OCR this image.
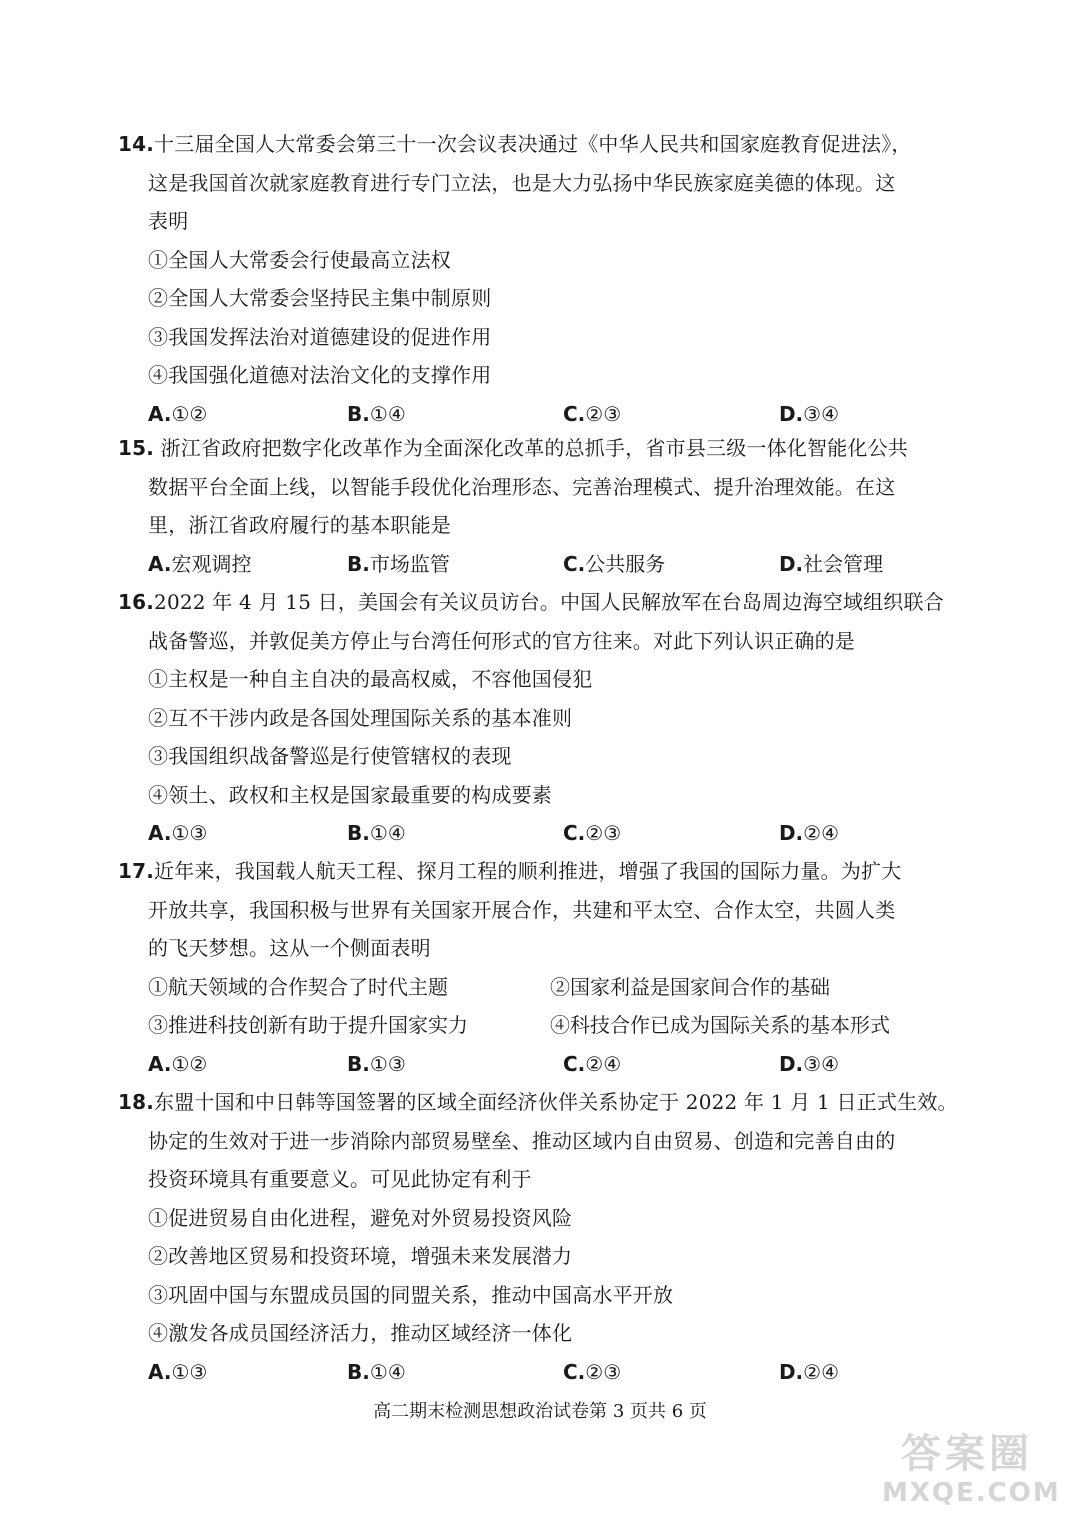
14.十三届全国人大常委会第三十一次会议表决通过《中华人民共和国家庭教育促进法》，
这是我国首次就家庭教育进行专门立法，也是大力弘扬中华民族家庭美德的体现。这
表明
①全国人大常委会行使最高立法权
②全国人大常委会坚持民主集中制原则
③我国发挥法治对道德建设的促进作用
④我国强化道德对法治文化的支撑作用
A.①②	B.①④	C.②③	D.③④
15. 浙江省政府把数字化改革作为全面深化改革的总抓手，省市县三级一体化智能化公共
数据平台全面上线，以智能手段优化治理形态、完善治理模式、提升治理效能。在这
里，浙江省政府履行的基本职能是
A.宏观调控	B.市场监管	C.公共服务	D.社会管理
16.2022 年 4 月 15 日，美国会有关议员访台。中国人民解放军在台岛周边海空域组织联合
战备警巡，并敦促美方停止与台湾任何形式的官方往来。对此下列认识正确的是
①主权是一种自主自决的最高权威，不容他国侵犯
②互不干涉内政是各国处理国际关系的基本准则
③我国组织战备警巡是行使管辖权的表现
④领土、政权和主权是国家最重要的构成要素
A.①③	B.①④	C.②③	D.②④
17.近年来，我国载人航天工程、探月工程的顺利推进，增强了我国的国际力量。为扩大
开放共享，我国积极与世界有关国家开展合作，共建和平太空、合作太空，共圆人类
的飞天梦想。这从一个侧面表明
①航天领域的合作契合了时代主题	②国家利益是国家间合作的基础
③推进科技创新有助于提升国家实力	④科技合作已成为国际关系的基本形式
A.①②	B.①③	C.②④	D.③④
18.东盟十国和中日韩等国签署的区域全面经济伙伴关系协定于 2022 年 1 月 1 日正式生效。
协定的生效对于进一步消除内部贸易壁垒、推动区域内自由贸易、创造和完善自由的
投资环境具有重要意义。可见此协定有利于
①促进贸易自由化进程，避免对外贸易投资风险
②改善地区贸易和投资环境，增强未来发展潜力
③巩固中国与东盟成员国的同盟关系，推动中国高水平开放
④激发各成员国经济活力，推动区域经济一体化
A.①③	B.①④	C.②③	D.②④
高二期末检测思想政治试卷第 3 页共 6 页
答案圈
MXQE.COM
